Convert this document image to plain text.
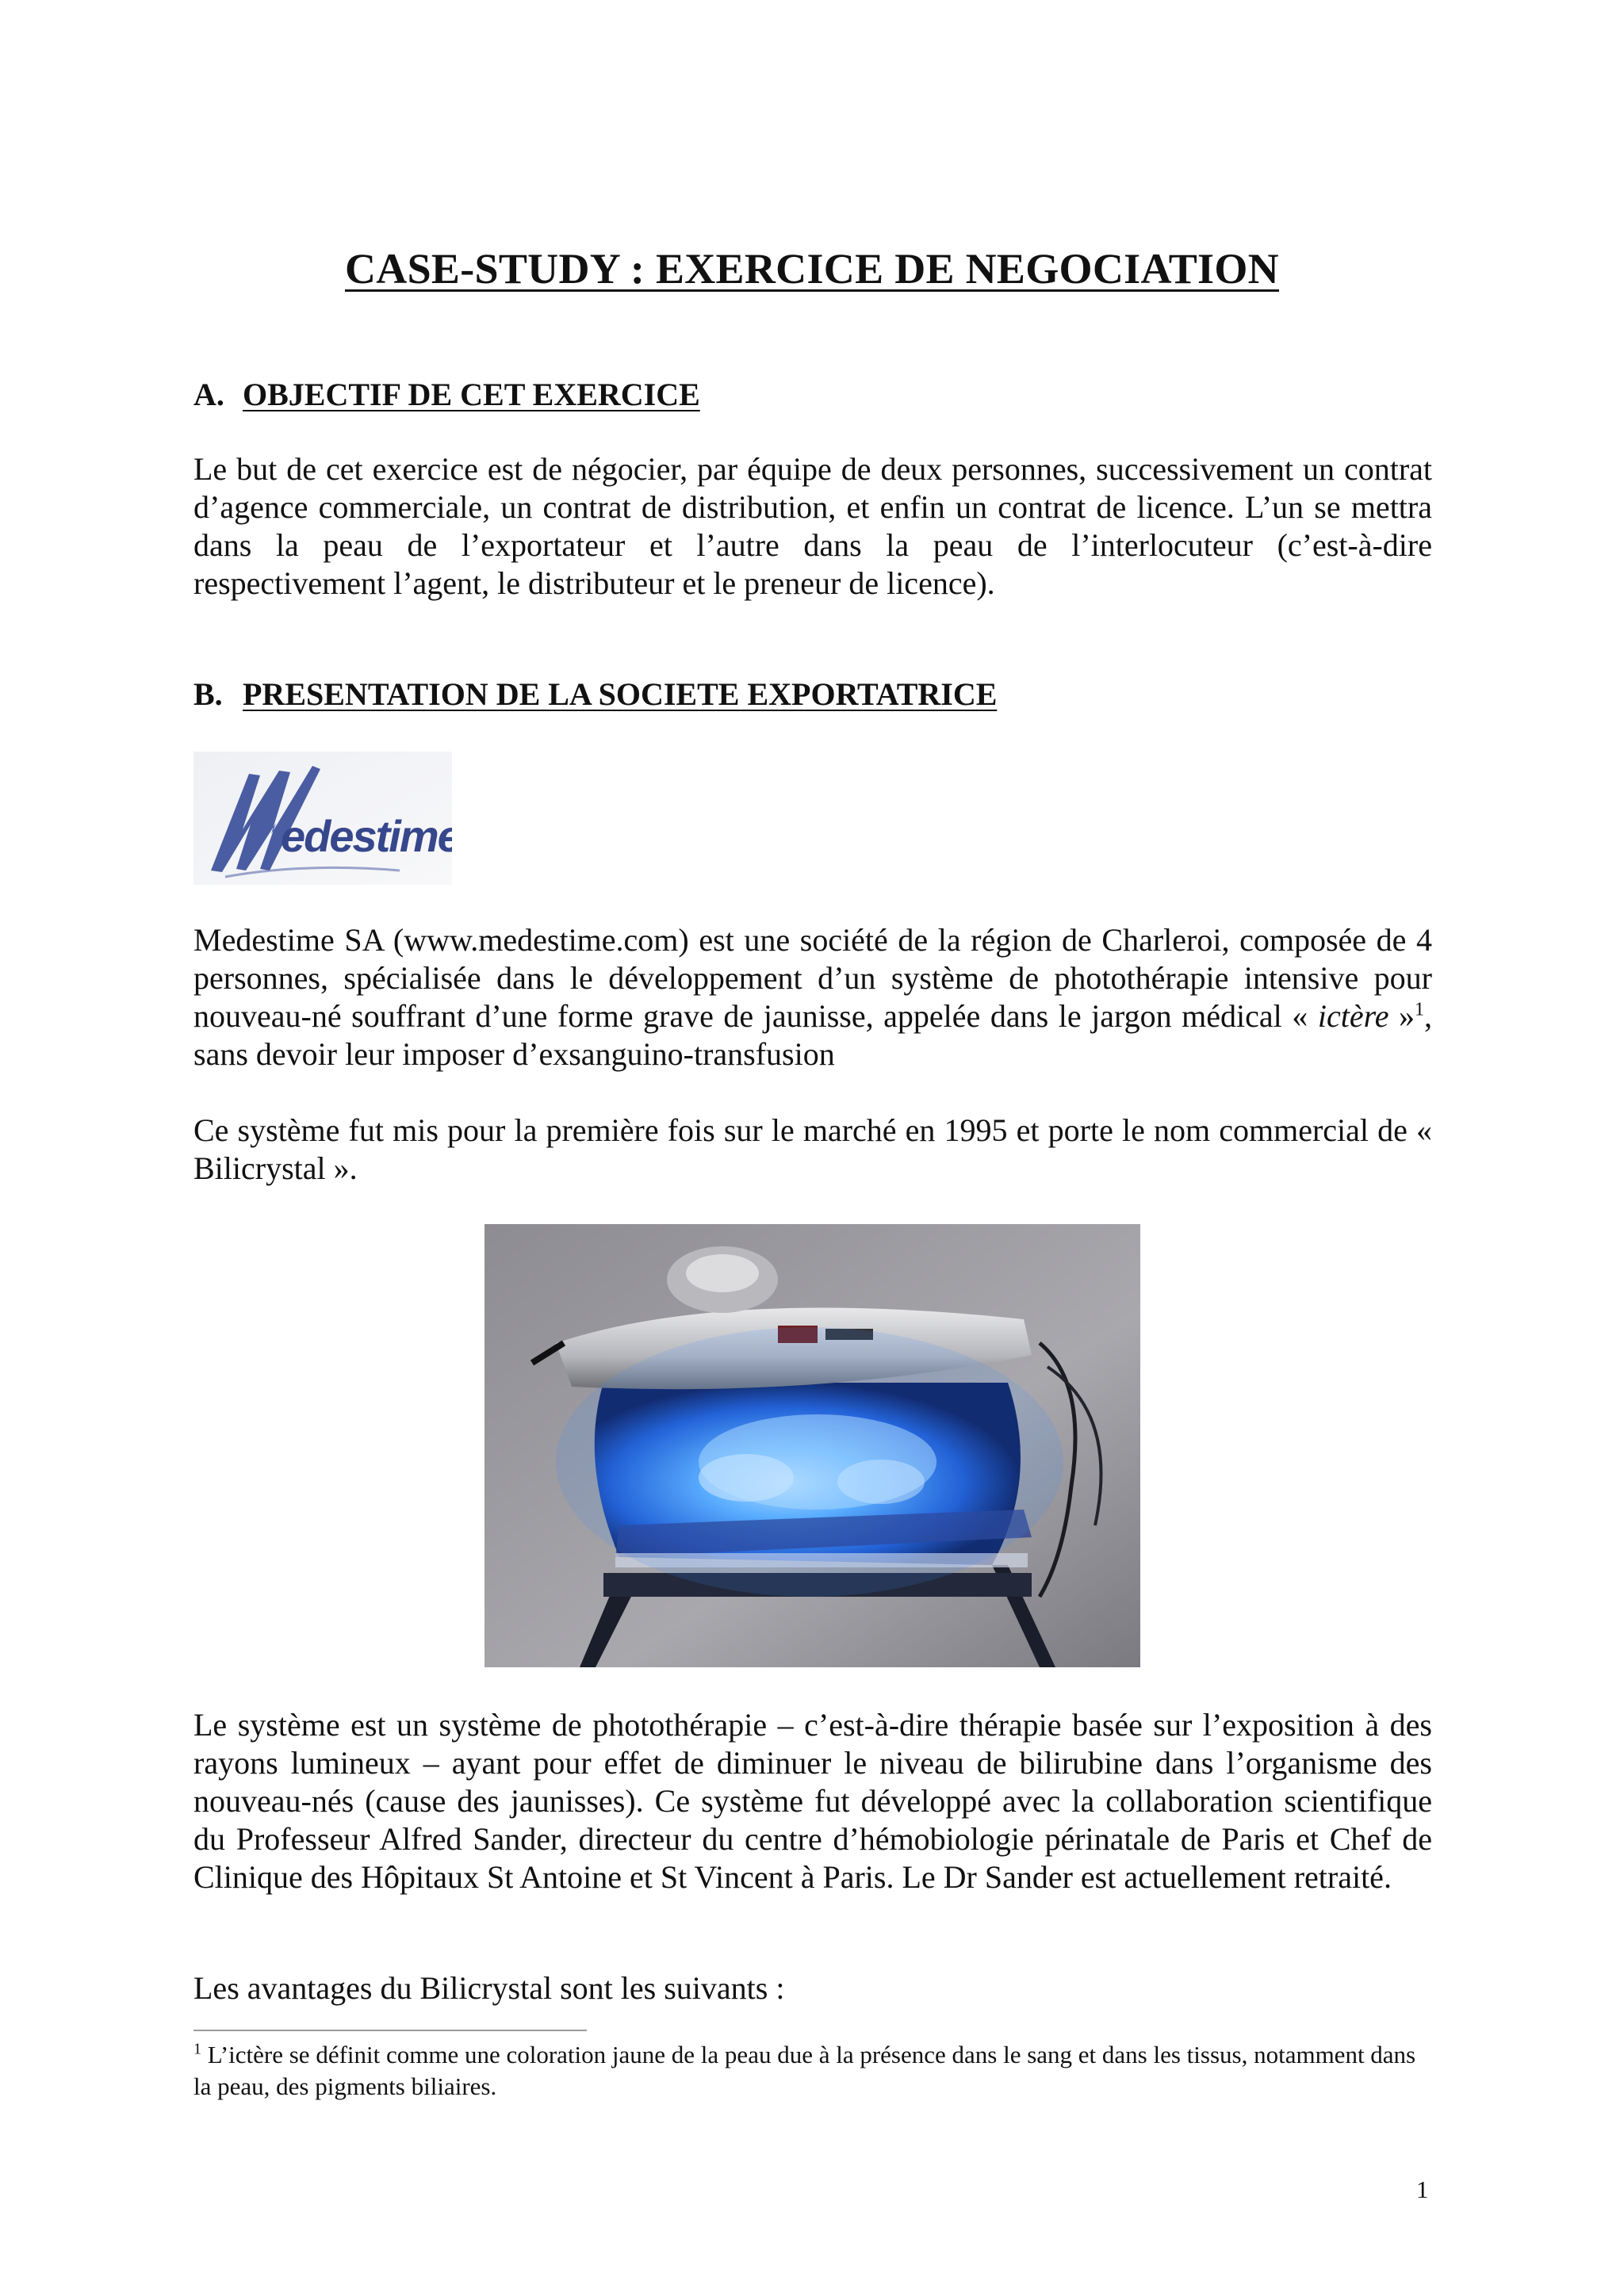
CASE-STUDY : EXERCICE DE NEGOCIATION
A. OBJECTIF DE CET EXERCICE
Le but de cet exercice est de négocier, par équipe de deux personnes, successivement un contrat d’agence commerciale, un contrat de distribution, et enfin un contrat de licence. L’un se mettra dans la peau de l’exportateur et l’autre dans la peau de l’interlocuteur (c’est-à-dire respectivement l’agent, le distributeur et le preneur de licence).
B. PRESENTATION DE LA SOCIETE EXPORTATRICE
edestime
Medestime SA (www.medestime.com) est une société de la région de Charleroi, composée de 4 personnes, spécialisée dans le développement d’un système de photothérapie intensive pour nouveau-né souffrant d’une forme grave de jaunisse, appelée dans le jargon médical « ictère »$^1$, sans devoir leur imposer d’exsanguino-transfusion
Ce système fut mis pour la première fois sur le marché en 1995 et porte le nom commercial de « Bilicrystal ».
Le système est un système de photothérapie – c’est-à-dire thérapie basée sur l’exposition à des rayons lumineux – ayant pour effet de diminuer le niveau de bilirubine dans l’organisme des nouveau-nés (cause des jaunisses). Ce système fut développé avec la collaboration scientifique du Professeur Alfred Sander, directeur du centre d’hémobiologie périnatale de Paris et Chef de Clinique des Hôpitaux St Antoine et St Vincent à Paris. Le Dr Sander est actuellement retraité.
Les avantages du Bilicrystal sont les suivants :
$^1$ L’ictère se définit comme une coloration jaune de la peau due à la présence dans le sang et dans les tissus, notamment dans la peau, des pigments biliaires.
1
